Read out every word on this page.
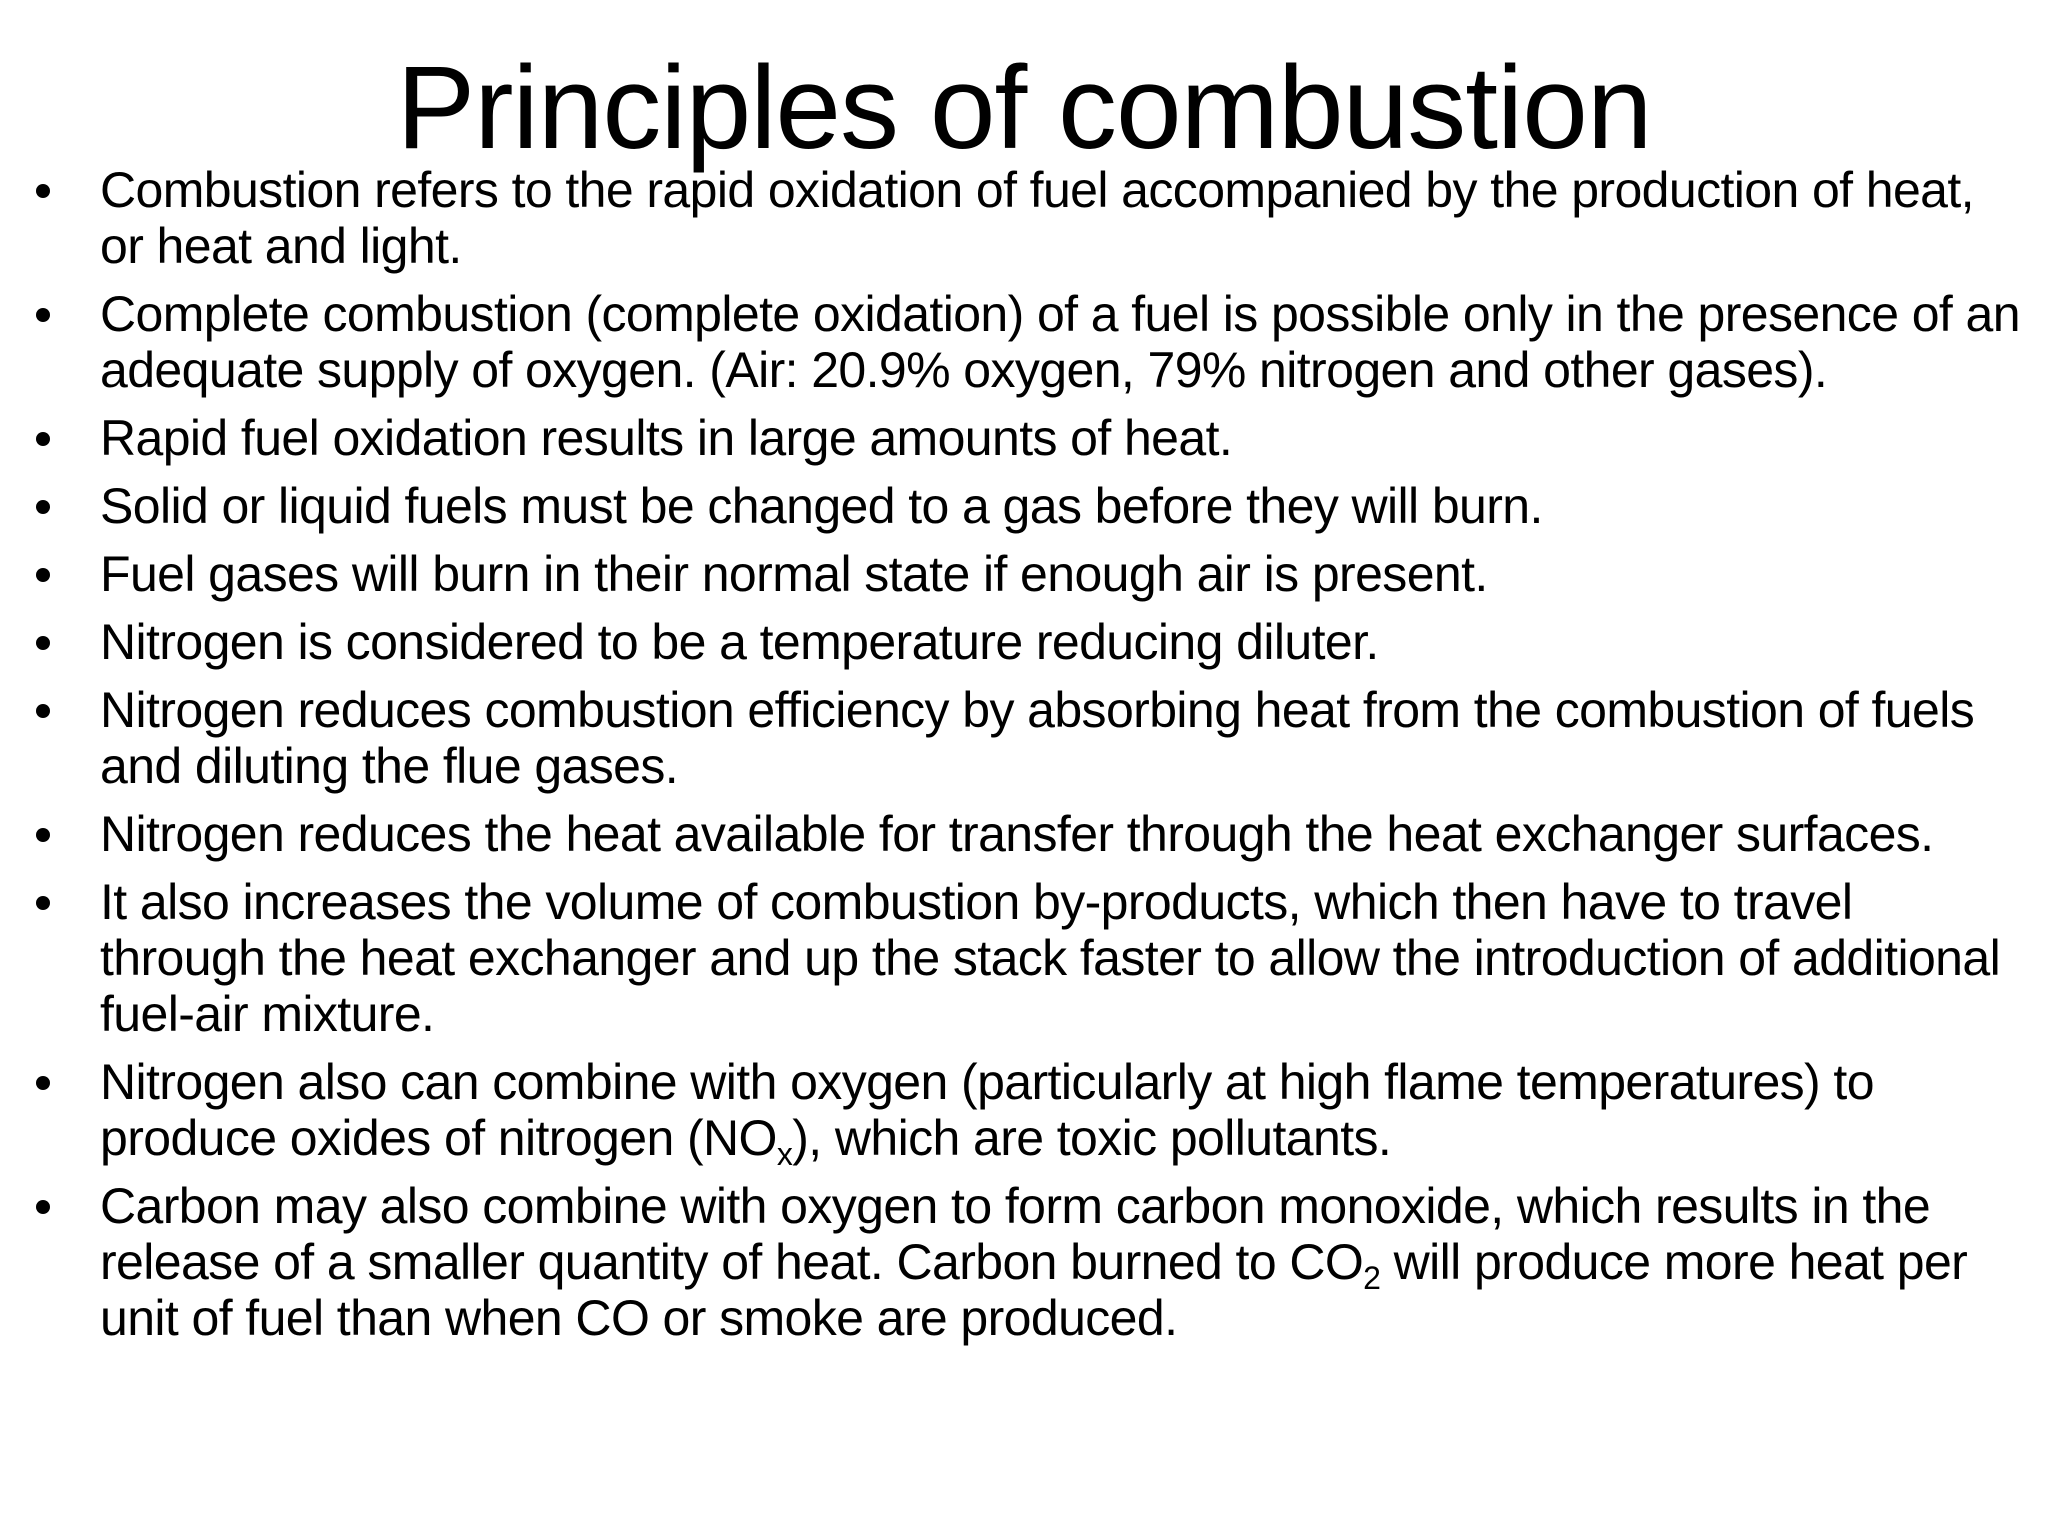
Principles of combustion
Combustion refers to the rapid oxidation of fuel accompanied by the production of heat, or heat and light.
Complete combustion (complete oxidation) of a fuel is possible only in the presence of an adequate supply of oxygen. (Air: 20.9% oxygen, 79% nitrogen and other gases).
Rapid fuel oxidation results in large amounts of heat.
Solid or liquid fuels must be changed to a gas before they will burn.
Fuel gases will burn in their normal state if enough air is present.
Nitrogen is considered to be a temperature reducing diluter.
Nitrogen reduces combustion efficiency by absorbing heat from the combustion of fuels and diluting the flue gases.
Nitrogen reduces the heat available for transfer through the heat exchanger surfaces.
It also increases the volume of combustion by-products, which then have to travel through the heat exchanger and up the stack faster to allow the introduction of additional fuel-air mixture.
Nitrogen also can combine with oxygen (particularly at high flame temperatures) to produce oxides of nitrogen $(NO_x)$, which are toxic pollutants.
Carbon may also combine with oxygen to form carbon monoxide, which results in the release of a smaller quantity of heat. Carbon burned to $CO_2$ will produce more heat per unit of fuel than when CO or smoke are produced.
